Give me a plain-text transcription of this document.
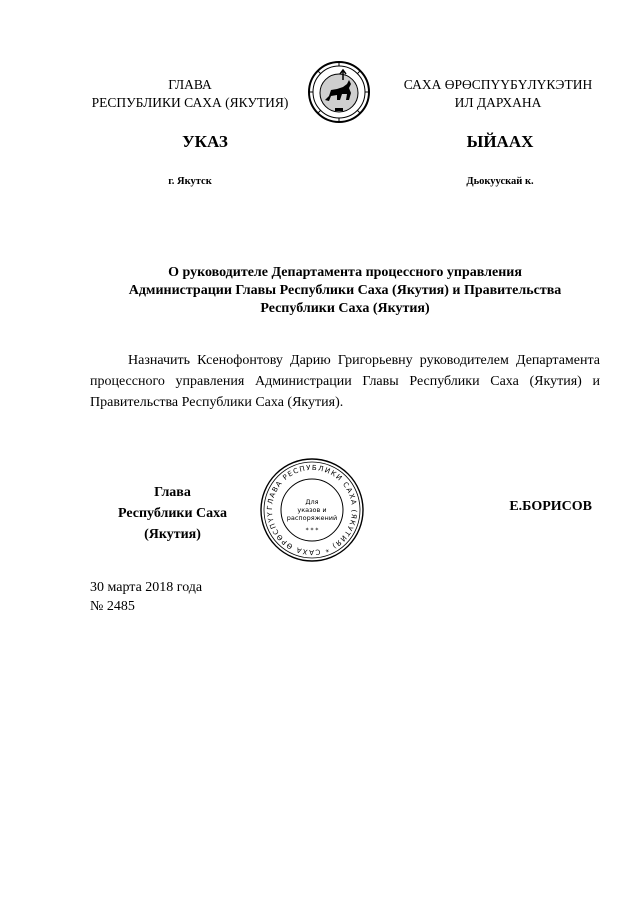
ГЛАВА
РЕСПУБЛИКИ САХА (ЯКУТИЯ)
САХА ӨРӨСПҮҮБҮЛҮКЭТИН
ИЛ ДАРХАНА
УКАЗ	ЫЙААХ
г. Якутск	Дьокуускай к.
О руководителе Департамента процессного управления
Администрации Главы Республики Саха (Якутия) и Правительства
Республики Саха (Якутия)
Назначить Ксенофонтову Дарию Григорьевну руководителем Департамента процессного управления Администрации Главы Республики Саха (Якутия) и Правительства Республики Саха (Якутия).
Глава
Республики Саха (Якутия)
ГЛАВА РЕСПУБЛИКИ САХА (ЯКУТИЯ) * САХА ӨРӨСПҮҮ
Для
указов и
распоряжений
* * *
Е.БОРИСОВ
30 марта 2018 года
№ 2485
